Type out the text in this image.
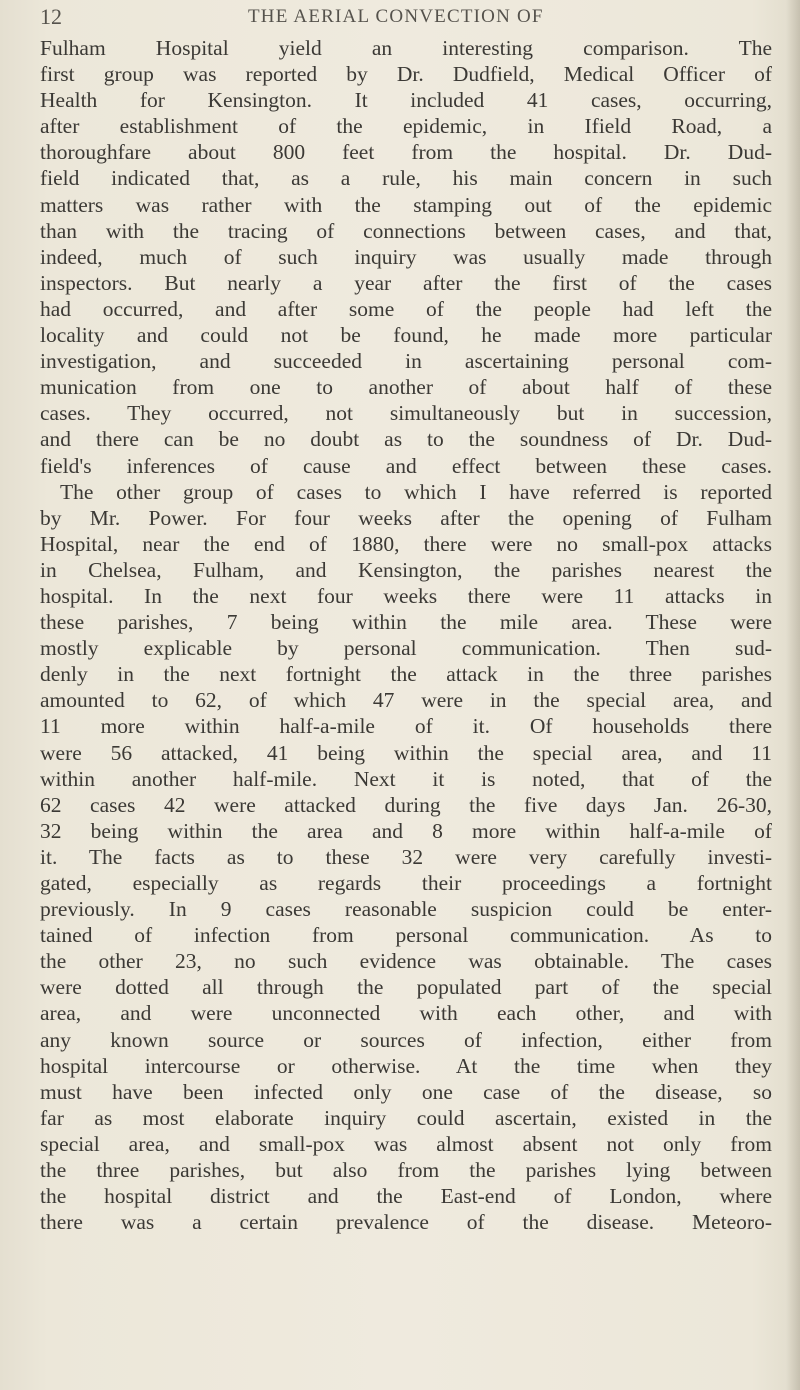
12	THE AERIAL CONVECTION OF
Fulham Hospital yield an interesting comparison. The
first group was reported by Dr. Dudfield, Medical Officer of
Health for Kensington. It included 41 cases, occurring,
after establishment of the epidemic, in Ifield Road, a
thoroughfare about 800 feet from the hospital. Dr. Dud-
field indicated that, as a rule, his main concern in such
matters was rather with the stamping out of the epidemic
than with the tracing of connections between cases, and that,
indeed, much of such inquiry was usually made through
inspectors. But nearly a year after the first of the cases
had occurred, and after some of the people had left the
locality and could not be found, he made more particular
investigation, and succeeded in ascertaining personal com-
munication from one to another of about half of these
cases. They occurred, not simultaneously but in succession,
and there can be no doubt as to the soundness of Dr. Dud-
field's inferences of cause and effect between these cases.
The other group of cases to which I have referred is reported
by Mr. Power. For four weeks after the opening of Fulham
Hospital, near the end of 1880, there were no small-pox attacks
in Chelsea, Fulham, and Kensington, the parishes nearest the
hospital. In the next four weeks there were 11 attacks in
these parishes, 7 being within the mile area. These were
mostly explicable by personal communication. Then sud-
denly in the next fortnight the attack in the three parishes
amounted to 62, of which 47 were in the special area, and
11 more within half-a-mile of it. Of households there
were 56 attacked, 41 being within the special area, and 11
within another half-mile. Next it is noted, that of the
62 cases 42 were attacked during the five days Jan. 26-30,
32 being within the area and 8 more within half-a-mile of
it. The facts as to these 32 were very carefully investi-
gated, especially as regards their proceedings a fortnight
previously. In 9 cases reasonable suspicion could be enter-
tained of infection from personal communication. As to
the other 23, no such evidence was obtainable. The cases
were dotted all through the populated part of the special
area, and were unconnected with each other, and with
any known source or sources of infection, either from
hospital intercourse or otherwise. At the time when they
must have been infected only one case of the disease, so
far as most elaborate inquiry could ascertain, existed in the
special area, and small-pox was almost absent not only from
the three parishes, but also from the parishes lying between
the hospital district and the East-end of London, where
there was a certain prevalence of the disease. Meteoro-
